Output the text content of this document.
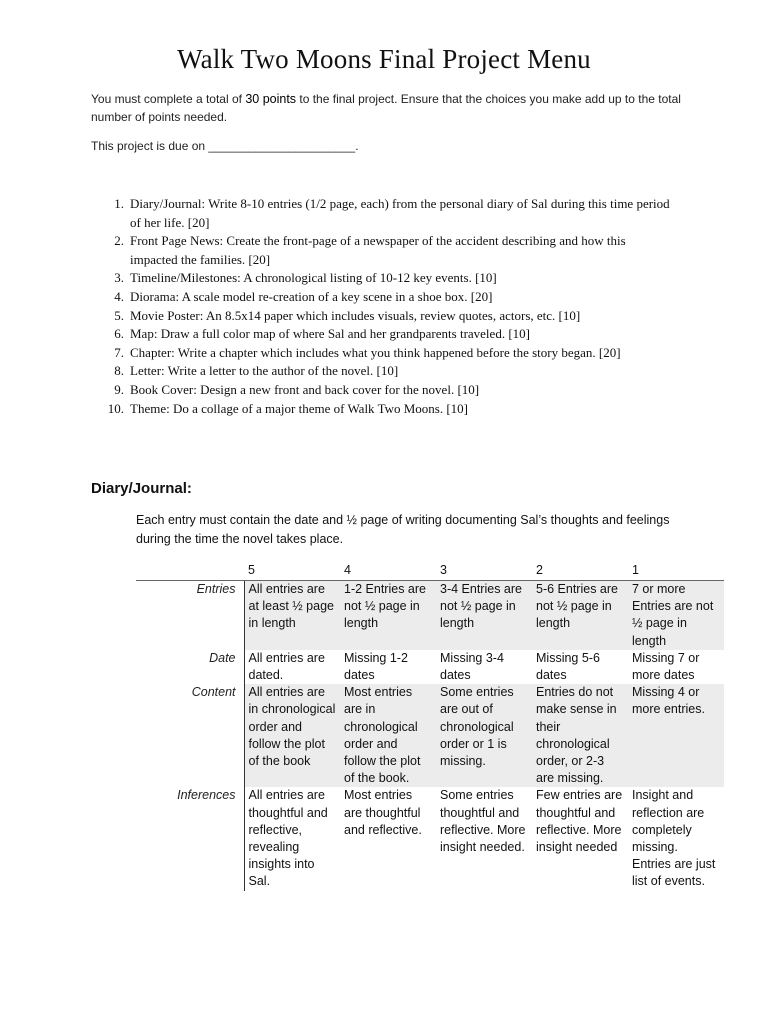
Walk Two Moons Final Project Menu
You must complete a total of 30 points to the final project. Ensure that the choices you make add up to the total number of points needed.
This project is due on ______________________.
1. Diary/Journal: Write 8-10 entries (1/2 page, each) from the personal diary of Sal during this time period of her life. [20]
2. Front Page News: Create the front-page of a newspaper of the accident describing and how this impacted the families. [20]
3. Timeline/Milestones: A chronological listing of 10-12 key events. [10]
4. Diorama: A scale model re-creation of a key scene in a shoe box. [20]
5. Movie Poster: An 8.5x14 paper which includes visuals, review quotes, actors, etc. [10]
6. Map: Draw a full color map of where Sal and her grandparents traveled. [10]
7. Chapter: Write a chapter which includes what you think happened before the story began. [20]
8. Letter: Write a letter to the author of the novel. [10]
9. Book Cover: Design a new front and back cover for the novel. [10]
10. Theme: Do a collage of a major theme of Walk Two Moons. [10]
Diary/Journal:
Each entry must contain the date and ½ page of writing documenting Sal’s thoughts and feelings during the time the novel takes place.
	5	4	3	2	1
Entries	All entries are at least ½ page in length	1-2 Entries are not ½ page in length	3-4 Entries are not ½ page in length	5-6 Entries are not ½ page in length	7 or more Entries are not ½ page in length
Date	All entries are dated.	Missing 1-2 dates	Missing 3-4 dates	Missing 5-6 dates	Missing 7 or more dates
Content	All entries are in chronological order and follow the plot of the book	Most entries are in chronological order and follow the plot of the book.	Some entries are out of chronological order or 1 is missing.	Entries do not make sense in their chronological order, or 2-3 are missing.	Missing 4 or more entries.
Inferences	All entries are thoughtful and reflective, revealing insights into Sal.	Most entries are thoughtful and reflective.	Some entries thoughtful and reflective. More insight needed.	Few entries are thoughtful and reflective. More insight needed	Insight and reflection are completely missing. Entries are just list of events.
